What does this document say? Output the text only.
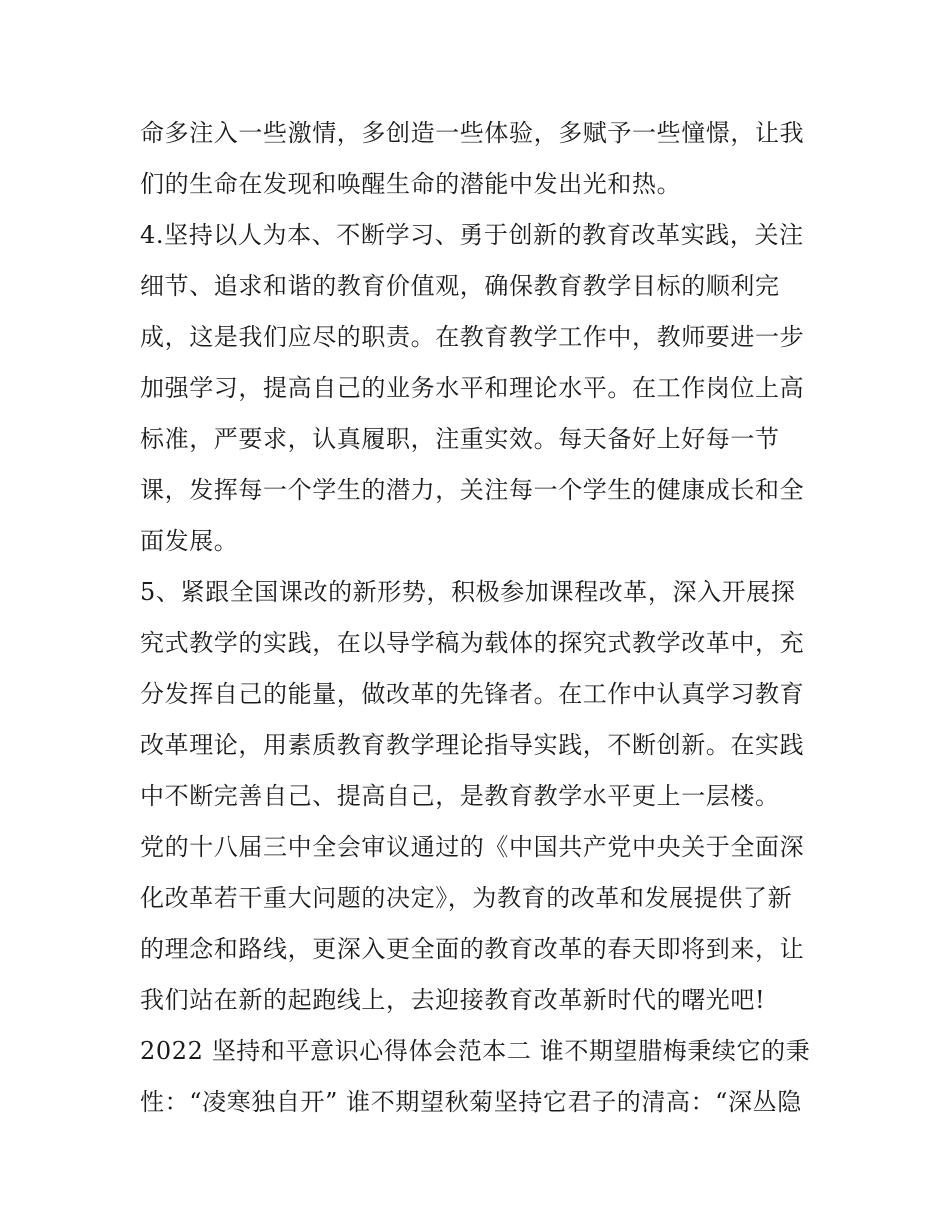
命多注入一些激情，多创造一些体验，多赋予一些憧憬，让我
们的生命在发现和唤醒生命的潜能中发出光和热。
4.坚持以人为本、不断学习、勇于创新的教育改革实践，关注
细节、追求和谐的教育价值观，确保教育教学目标的顺利完
成，这是我们应尽的职责。在教育教学工作中，教师要进一步
加强学习，提高自己的业务水平和理论水平。在工作岗位上高
标准，严要求，认真履职，注重实效。每天备好上好每一节
课，发挥每一个学生的潜力，关注每一个学生的健康成长和全
面发展。
5、紧跟全国课改的新形势，积极参加课程改革，深入开展探
究式教学的实践，在以导学稿为载体的探究式教学改革中，充
分发挥自己的能量，做改革的先锋者。在工作中认真学习教育
改革理论，用素质教育教学理论指导实践，不断创新。在实践
中不断完善自己、提高自己，是教育教学水平更上一层楼。
党的十八届三中全会审议通过的《中国共产党中央关于全面深
化改革若干重大问题的决定》，为教育的改革和发展提供了新
的理念和路线，更深入更全面的教育改革的春天即将到来，让
我们站在新的起跑线上，去迎接教育改革新时代的曙光吧!
2022 坚持和平意识心得体会范本二 谁不期望腊梅秉续它的秉
性：“凌寒独自开” 谁不期望秋菊坚持它君子的清高：“深丛隐
